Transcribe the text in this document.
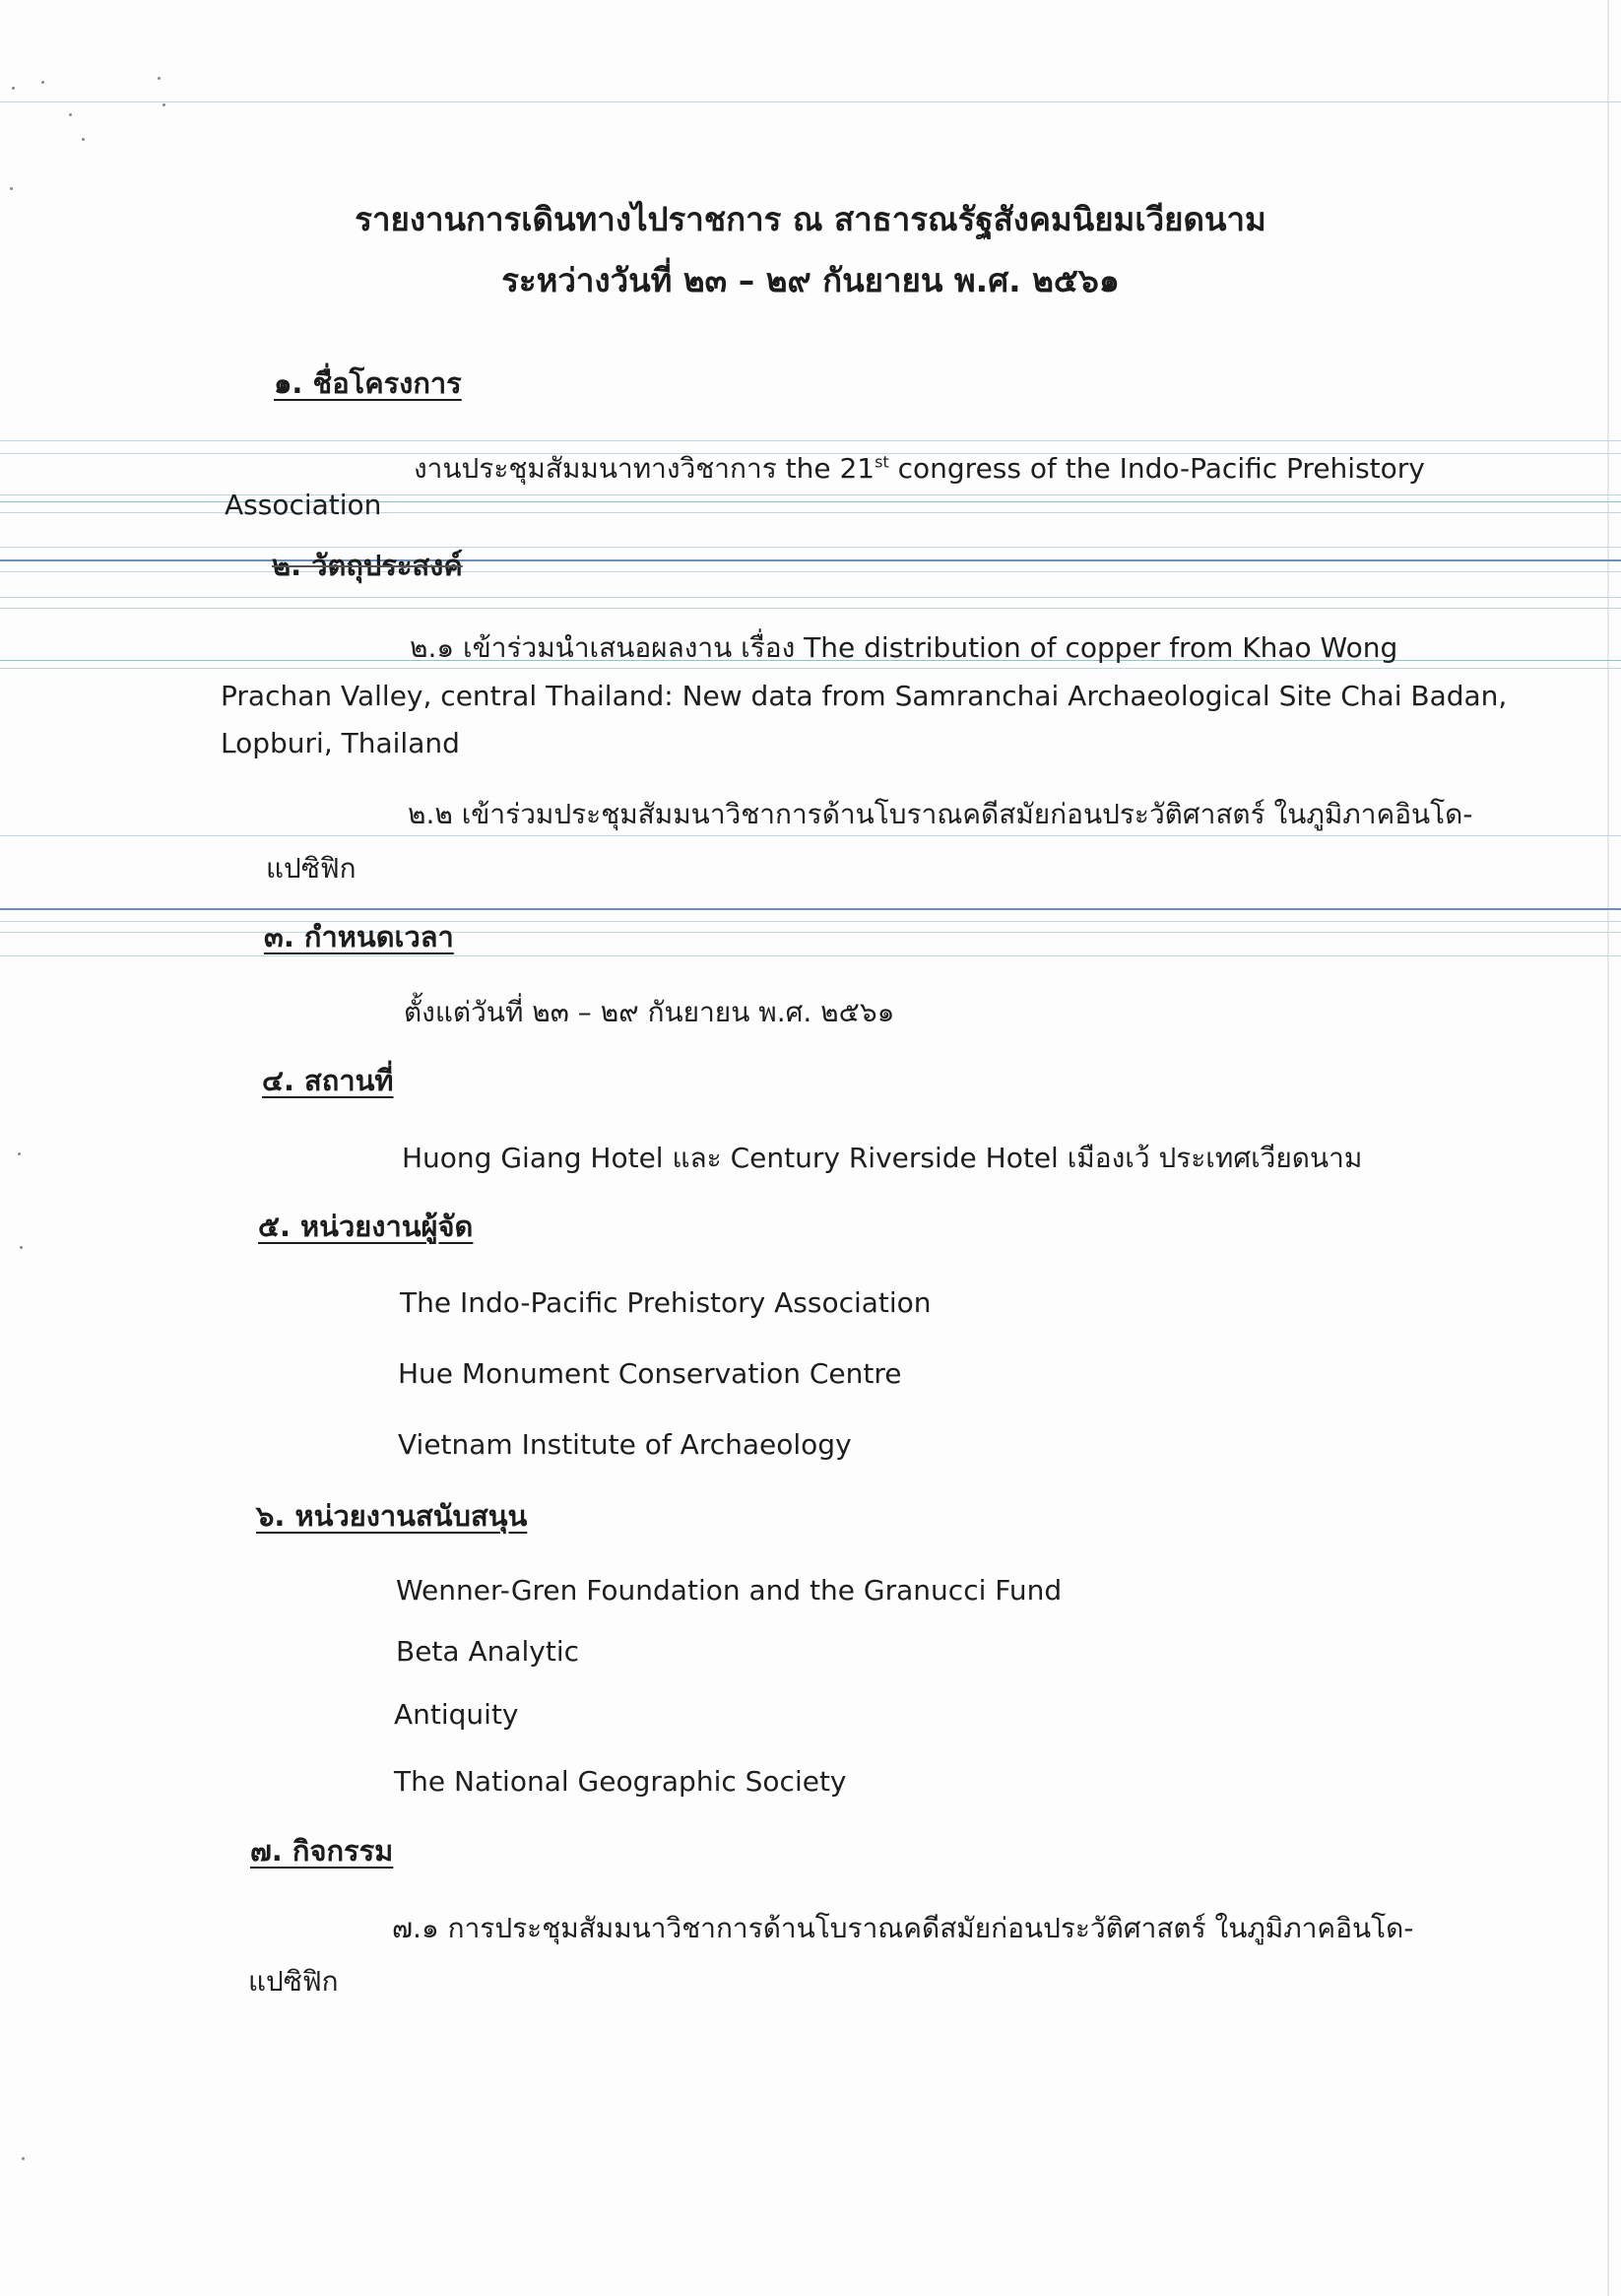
รายงานการเดินทางไปราชการ ณ สาธารณรัฐสังคมนิยมเวียดนาม
ระหว่างวันที่ ๒๓ – ๒๙ กันยายน พ.ศ. ๒๕๖๑
๑. ชื่อโครงการ
งานประชุมสัมมนาทางวิชาการ the 21st congress of the Indo-Pacific Prehistory
Association
๒. วัตถุประสงค์
๒.๑ เข้าร่วมนำเสนอผลงาน เรื่อง The distribution of copper from Khao Wong
Prachan Valley, central Thailand: New data from Samranchai Archaeological Site Chai Badan,
Lopburi, Thailand
๒.๒ เข้าร่วมประชุมสัมมนาวิชาการด้านโบราณคดีสมัยก่อนประวัติศาสตร์ ในภูมิภาคอินโด-
แปซิฟิก
๓. กำหนดเวลา
ตั้งแต่วันที่ ๒๓ – ๒๙ กันยายน พ.ศ. ๒๕๖๑
๔. สถานที่
Huong Giang Hotel และ Century Riverside Hotel เมืองเว้ ประเทศเวียดนาม
๕. หน่วยงานผู้จัด
The Indo-Pacific Prehistory Association
Hue Monument Conservation Centre
Vietnam Institute of Archaeology
๖. หน่วยงานสนับสนุน
Wenner-Gren Foundation and the Granucci Fund
Beta Analytic
Antiquity
The National Geographic Society
๗. กิจกรรม
๗.๑ การประชุมสัมมนาวิชาการด้านโบราณคดีสมัยก่อนประวัติศาสตร์ ในภูมิภาคอินโด-
แปซิฟิก
